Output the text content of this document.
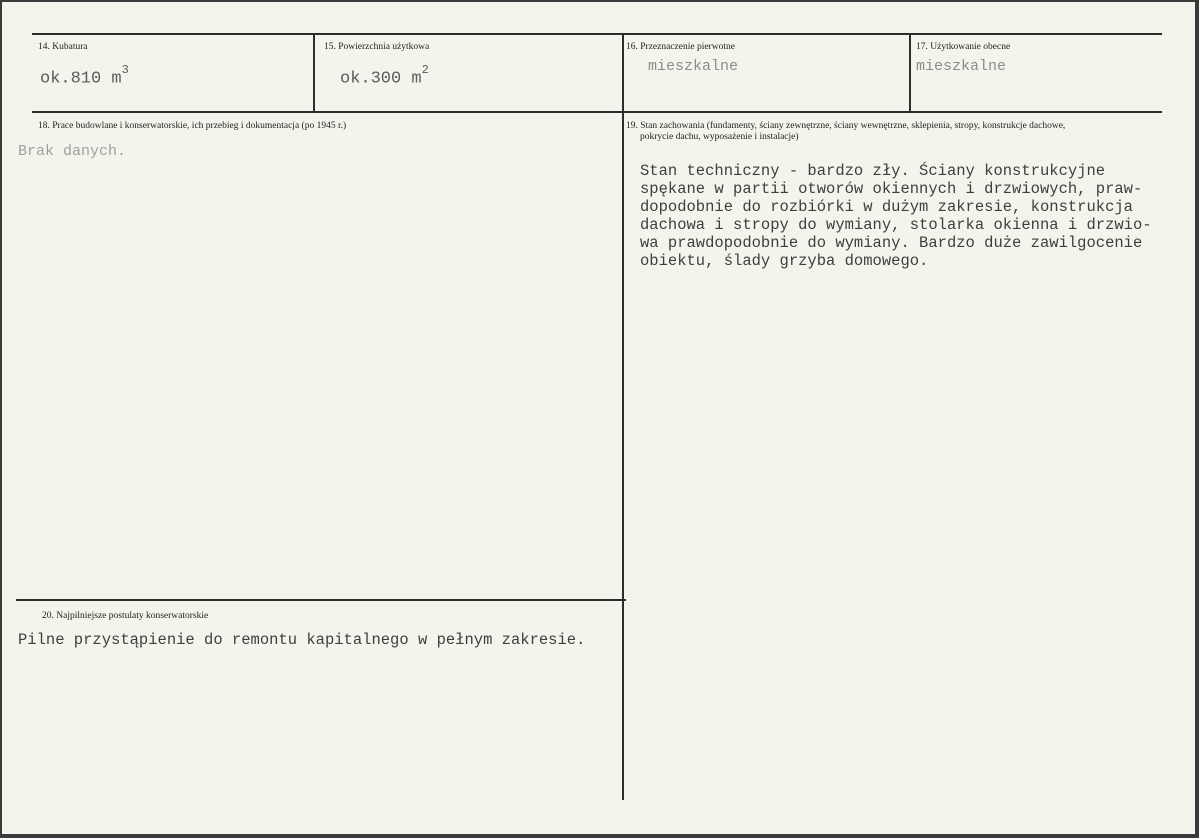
14. Kubatura
ok.810 $m^3$
15. Powierzchnia użytkowa
ok.300 $m^2$
16. Przeznaczenie pierwotne
mieszkalne
17. Użytkowanie obecne
mieszkalne
18. Prace budowlane i konserwatorskie, ich przebieg i dokumentacja (po 1945 r.)
Brak danych.
19. Stan zachowania (fundamenty, ściany zewnętrzne, ściany wewnętrzne, sklepienia, stropy, konstrukcje dachowe,
pokrycie dachu, wyposażenie i instalacje)
Stan techniczny - bardzo zły. Ściany konstrukcyjne
spękane w partii otworów okiennych i drzwiowych, praw-
dopodobnie do rozbiórki w dużym zakresie, konstrukcja
dachowa i stropy do wymiany, stolarka okienna i drzwio-
wa prawdopodobnie do wymiany. Bardzo duże zawilgocenie
obiektu, ślady grzyba domowego.
20. Najpilniejsze postulaty konserwatorskie
Pilne przystąpienie do remontu kapitalnego w pełnym zakresie.
